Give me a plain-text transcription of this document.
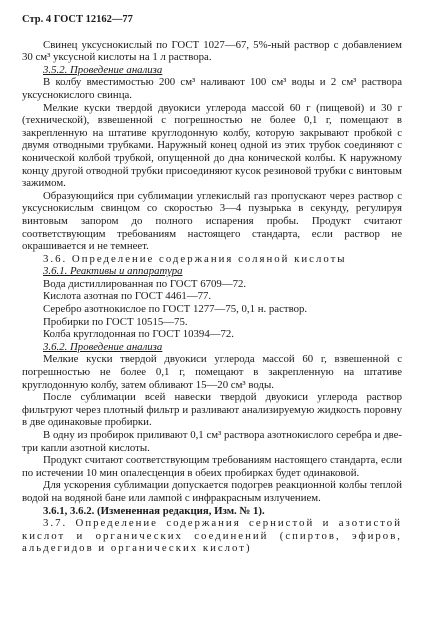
Стр. 4 ГОСТ 12162—77

Свинец уксуснокислый по ГОСТ 1027—67, 5%-ный раствор с добавлением 30 см³ уксусной кислоты на 1 л раствора.

3.5.2. Проведение анализа

В колбу вместимостью 200 см³ наливают 100 см³ воды и 2 см³ раствора уксуснокислого свинца.

Мелкие куски твердой двуокиси углерода массой 60 г (пищевой) и 30 г (технической), взвешенной с погрешностью не более 0,1 г, помещают в закрепленную на штативе круглодонную колбу, которую закрывают пробкой с двумя отводными трубками. Наружный конец одной из этих трубок соединяют с конической колбой трубкой, опущенной до дна конической колбы. К наружному концу другой отводной трубки присоединяют кусок резиновой трубки с винтовым зажимом.

Образующийся при сублимации углекислый газ пропускают через раствор с уксуснокислым свинцом со скоростью 3—4 пузырька в секунду, регулируя винтовым запором до полного испарения пробы. Продукт считают соответствующим требованиям настоящего стандарта, если раствор не окрашивается и не темнеет.

3.6. Определение содержания соляной кислоты

3.6.1. Реактивы и аппаратура

Вода дистиллированная по ГОСТ 6709—72.

Кислота азотная по ГОСТ 4461—77.

Серебро азотнокислое по ГОСТ 1277—75, 0,1 н. раствор.

Пробирки по ГОСТ 10515—75.

Колба круглодонная по ГОСТ 10394—72.

3.6.2. Проведение анализа

Мелкие куски твердой двуокиси углерода массой 60 г, взвешенной с погрешностью не более 0,1 г, помещают в закрепленную на штативе круглодонную колбу, затем обливают 15—20 см³ воды.

После сублимации всей навески твердой двуокиси углерода раствор фильтруют через плотный фильтр и разливают анализируемую жидкость поровну в две одинаковые пробирки.

В одну из пробирок приливают 0,1 см³ раствора азотнокислого серебра и две-три капли азотной кислоты.

Продукт считают соответствующим требованиям настоящего стандарта, если по истечении 10 мин опалесценция в обеих пробирках будет одинаковой.

Для ускорения сублимации допускается подогрев реакционной колбы теплой водой на водяной бане или лампой с инфракрасным излучением.

3.6.1, 3.6.2. (Измененная редакция, Изм. № 1).

3.7. Определение содержания сернистой и азотистой кислот и органических соединений (спиртов, эфиров, альдегидов и органических кислот)
